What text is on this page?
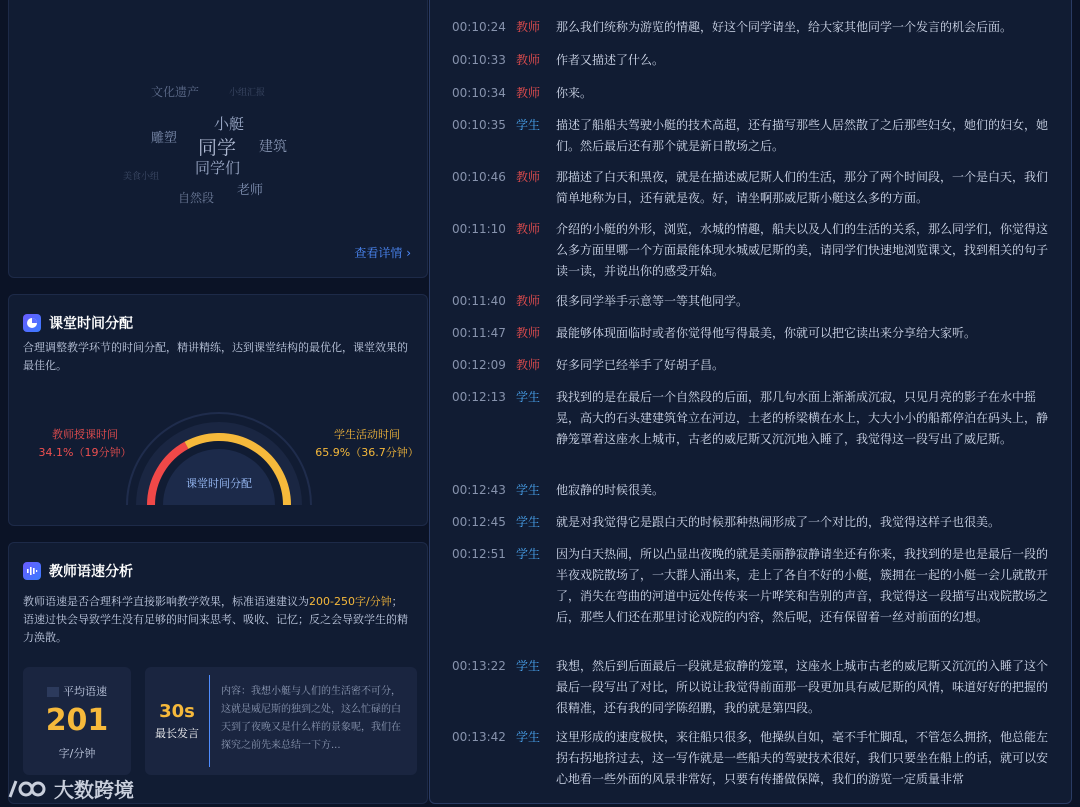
文化遗产	小组汇报
小艇
雕塑 同学 建筑
美食小组 同学们
老师
自然段
查看详情 ›
课堂时间分配
合理调整教学环节的时间分配，精讲精练，达到课堂结构的最优化，课堂效果的最佳化。
教师授课时间
34.1%（19分钟）
学生活动时间
65.9%（36.7分钟）
课堂时间分配
教师语速分析
教师语速是否合理科学直接影响教学效果，标准语速建议为200-250字/分钟；语速过快会导致学生没有足够的时间来思考、吸收、记忆；反之会导致学生的精力涣散。
平均语速
201
字/分钟
30s
最长发言
内容：我想小艇与人们的生活密不可分，这就是威尼斯的独到之处，这么忙碌的白天到了夜晚又是什么样的景象呢，我们在探究之前先来总结一下方...
00:10:24 教师	那么我们统称为游览的情趣，好这个同学请坐，给大家其他同学一个发言的机会后面。
00:10:33 教师	作者又描述了什么。
00:10:34 教师	你来。
00:10:35 学生	描述了船船夫驾驶小艇的技术高超，还有描写那些人居然散了之后那些妇女，她们的妇女，她们。然后最后还有那个就是新日散场之后。
00:10:46 教师	那描述了白天和黑夜，就是在描述威尼斯人们的生活，那分了两个时间段，一个是白天，我们简单地称为日，还有就是夜。好，请坐啊那威尼斯小艇这么多的方面。
00:11:10 教师	介绍的小艇的外形，浏览，水城的情趣，船夫以及人们的生活的关系，那么同学们，你觉得这么多方面里哪一个方面最能体现水城威尼斯的美，请同学们快速地浏览课文，找到相关的句子读一读，并说出你的感受开始。
00:11:40 教师	很多同学举手示意等一等其他同学。
00:11:47 教师	最能够体现面临时或者你觉得他写得最美，你就可以把它读出来分享给大家听。
00:12:09 教师	好多同学已经举手了好胡子昌。
00:12:13 学生	我找到的是在最后一个自然段的后面，那几句水面上渐渐成沉寂，只见月亮的影子在水中摇晃，高大的石头建建筑耸立在河边，土老的桥梁横在水上，大大小小的船都停泊在码头上，静静笼罩着这座水上城市，古老的威尼斯又沉沉地入睡了，我觉得这一段写出了威尼斯。
00:12:43 学生	他寂静的时候很美。
00:12:45 学生	就是对我觉得它是跟白天的时候那种热闹形成了一个对比的，我觉得这样子也很美。
00:12:51 学生	因为白天热闹，所以凸显出夜晚的就是美丽静寂静请坐还有你来，我找到的是也是最后一段的半夜戏院散场了，一大群人涌出来，走上了各自不好的小艇，簇拥在一起的小艇一会儿就散开了，消失在弯曲的河道中远处传传来一片哗笑和告别的声音，我觉得这一段描写出戏院散场之后，那些人们还在那里讨论戏院的内容，然后呢，还有保留着一丝对前面的幻想。
00:13:22 学生	我想，然后到后面最后一段就是寂静的笼罩，这座水上城市古老的威尼斯又沉沉的入睡了这个最后一段写出了对比，所以说让我觉得前面那一段更加具有威尼斯的风情，味道好好的把握的很精准，还有我的同学陈绍鹏，我的就是第四段。
00:13:42 学生	这里形成的速度极快，来往船只很多，他操纵自如，毫不手忙脚乱，不管怎么拥挤，他总能左拐右拐地挤过去，这一写作就是一些船夫的驾驶技术很好，我们只要坐在船上的话，就可以安心地看一些外面的风景非常好，只要有传播做保障，我们的游览一定质量非常
大数跨境
